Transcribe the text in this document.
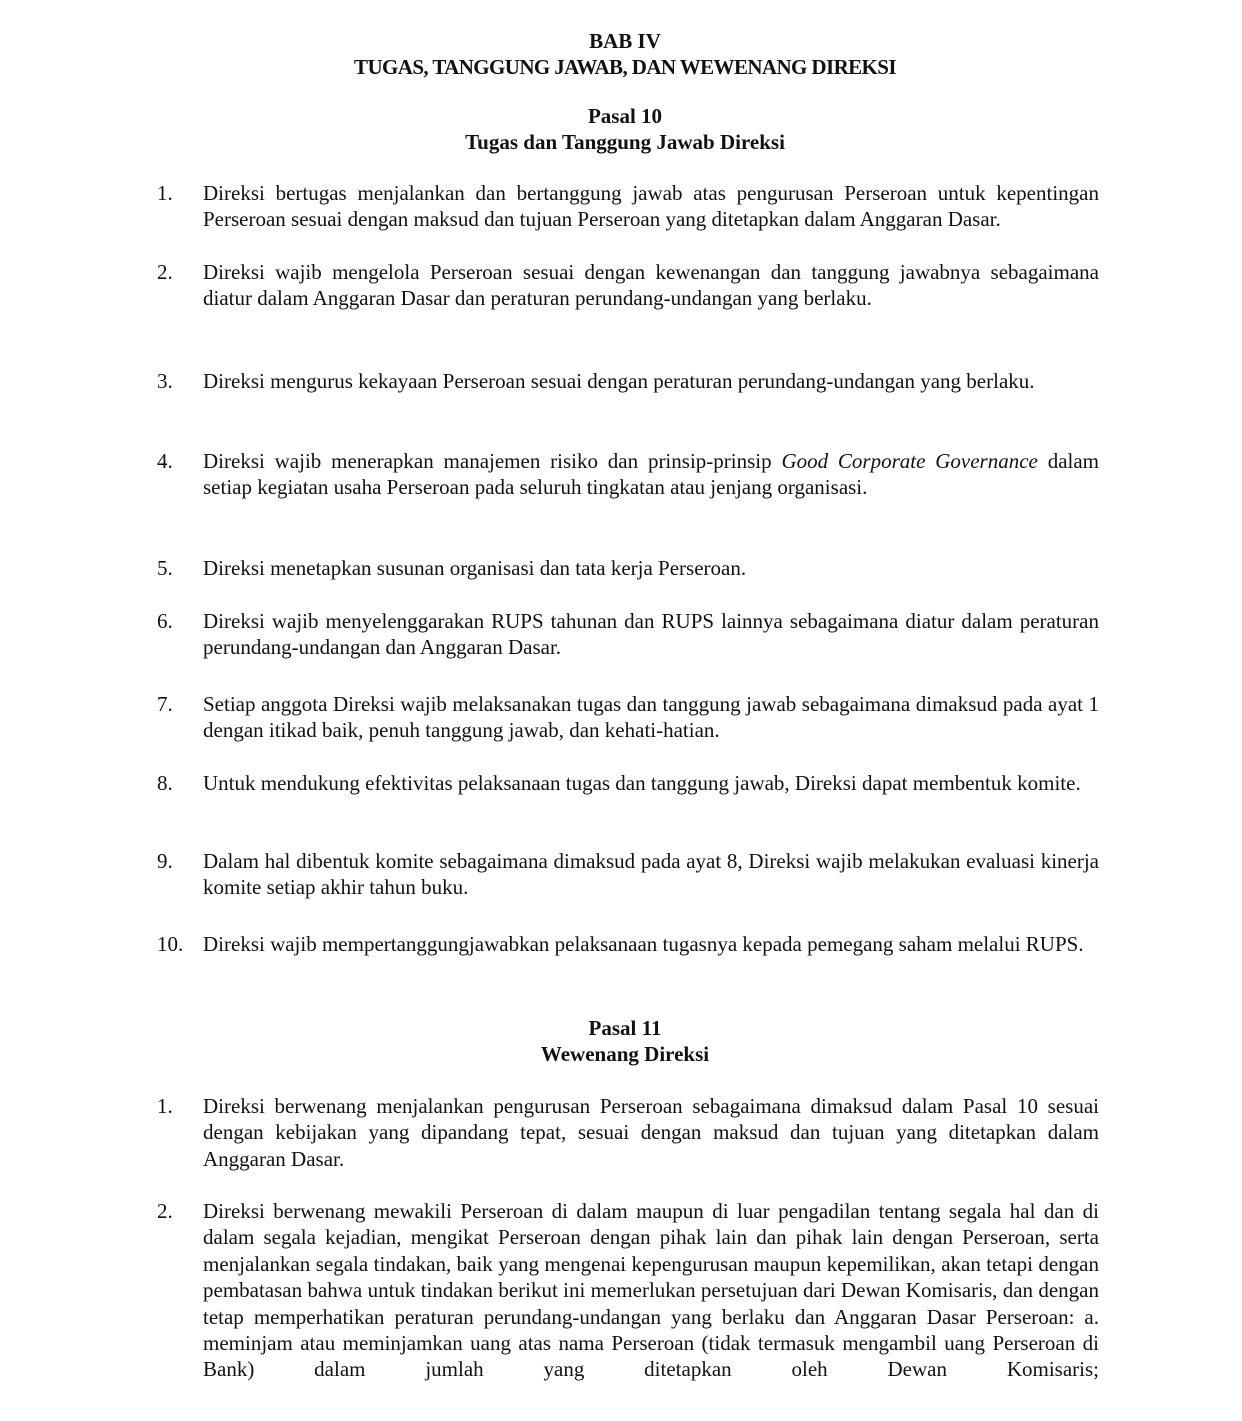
BAB IV
TUGAS, TANGGUNG JAWAB, DAN WEWENANG DIREKSI
Pasal 10
Tugas dan Tanggung Jawab Direksi
1. Direksi bertugas menjalankan dan bertanggung jawab atas pengurusan Perseroan untuk kepentingan Perseroan sesuai dengan maksud dan tujuan Perseroan yang ditetapkan dalam Anggaran Dasar.
2. Direksi wajib mengelola Perseroan sesuai dengan kewenangan dan tanggung jawabnya sebagaimana diatur dalam Anggaran Dasar dan peraturan perundang-undangan yang berlaku.
3. Direksi mengurus kekayaan Perseroan sesuai dengan peraturan perundang-undangan yang berlaku.
4. Direksi wajib menerapkan manajemen risiko dan prinsip-prinsip Good Corporate Governance dalam setiap kegiatan usaha Perseroan pada seluruh tingkatan atau jenjang organisasi.
5. Direksi menetapkan susunan organisasi dan tata kerja Perseroan.
6. Direksi wajib menyelenggarakan RUPS tahunan dan RUPS lainnya sebagaimana diatur dalam peraturan perundang-undangan dan Anggaran Dasar.
7. Setiap anggota Direksi wajib melaksanakan tugas dan tanggung jawab sebagaimana dimaksud pada ayat 1 dengan itikad baik, penuh tanggung jawab, dan kehati-hatian.
8. Untuk mendukung efektivitas pelaksanaan tugas dan tanggung jawab, Direksi dapat membentuk komite.
9. Dalam hal dibentuk komite sebagaimana dimaksud pada ayat 8, Direksi wajib melakukan evaluasi kinerja komite setiap akhir tahun buku.
10. Direksi wajib mempertanggungjawabkan pelaksanaan tugasnya kepada pemegang saham melalui RUPS.
Pasal 11
Wewenang Direksi
1. Direksi berwenang menjalankan pengurusan Perseroan sebagaimana dimaksud dalam Pasal 10 sesuai dengan kebijakan yang dipandang tepat, sesuai dengan maksud dan tujuan yang ditetapkan dalam Anggaran Dasar.
2. Direksi berwenang mewakili Perseroan di dalam maupun di luar pengadilan tentang segala hal dan di dalam segala kejadian, mengikat Perseroan dengan pihak lain dan pihak lain dengan Perseroan, serta menjalankan segala tindakan, baik yang mengenai kepengurusan maupun kepemilikan, akan tetapi dengan pembatasan bahwa untuk tindakan berikut ini memerlukan persetujuan dari Dewan Komisaris, dan dengan tetap memperhatikan peraturan perundang-undangan yang berlaku dan Anggaran Dasar Perseroan: a. meminjam atau meminjamkan uang atas nama Perseroan (tidak termasuk mengambil uang Perseroan di Bank) dalam jumlah yang ditetapkan oleh Dewan Komisaris;
